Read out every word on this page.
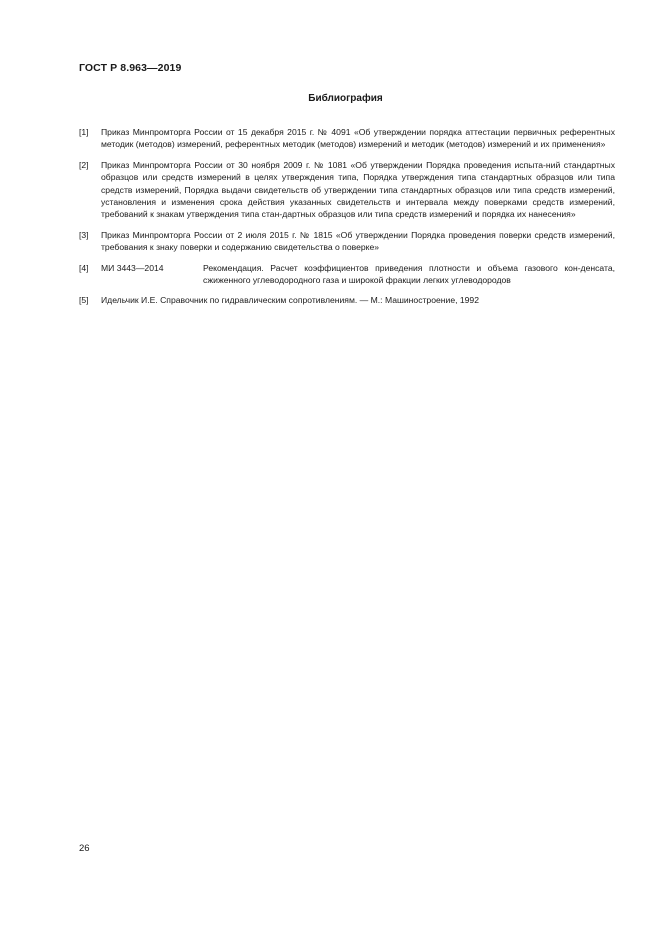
ГОСТ Р 8.963—2019
Библиография
[1] Приказ Минпромторга России от 15 декабря 2015 г. № 4091 «Об утверждении порядка аттестации первичных референтных методик (методов) измерений, референтных методик (методов) измерений и методик (методов) измерений и их применения»
[2] Приказ Минпромторга России от 30 ноября 2009 г. № 1081 «Об утверждении Порядка проведения испыта-ний стандартных образцов или средств измерений в целях утверждения типа, Порядка утверждения типа стандартных образцов или типа средств измерений, Порядка выдачи свидетельств об утверждении типа стандартных образцов или типа средств измерений, установления и изменения срока действия указанных свидетельств и интервала между поверками средств измерений, требований к знакам утверждения типа стан-дартных образцов или типа средств измерений и порядка их нанесения»
[3] Приказ Минпромторга России от 2 июля 2015 г. № 1815 «Об утверждении Порядка проведения поверки средств измерений, требования к знаку поверки и содержанию свидетельства о поверке»
[4] МИ 3443—2014	Рекомендация. Расчет коэффициентов приведения плотности и объема газового кон-денсата, сжиженного углеводородного газа и широкой фракции легких углеводородов
[5] Идельчик И.Е. Справочник по гидравлическим сопротивлениям. — М.: Машиностроение, 1992
26
